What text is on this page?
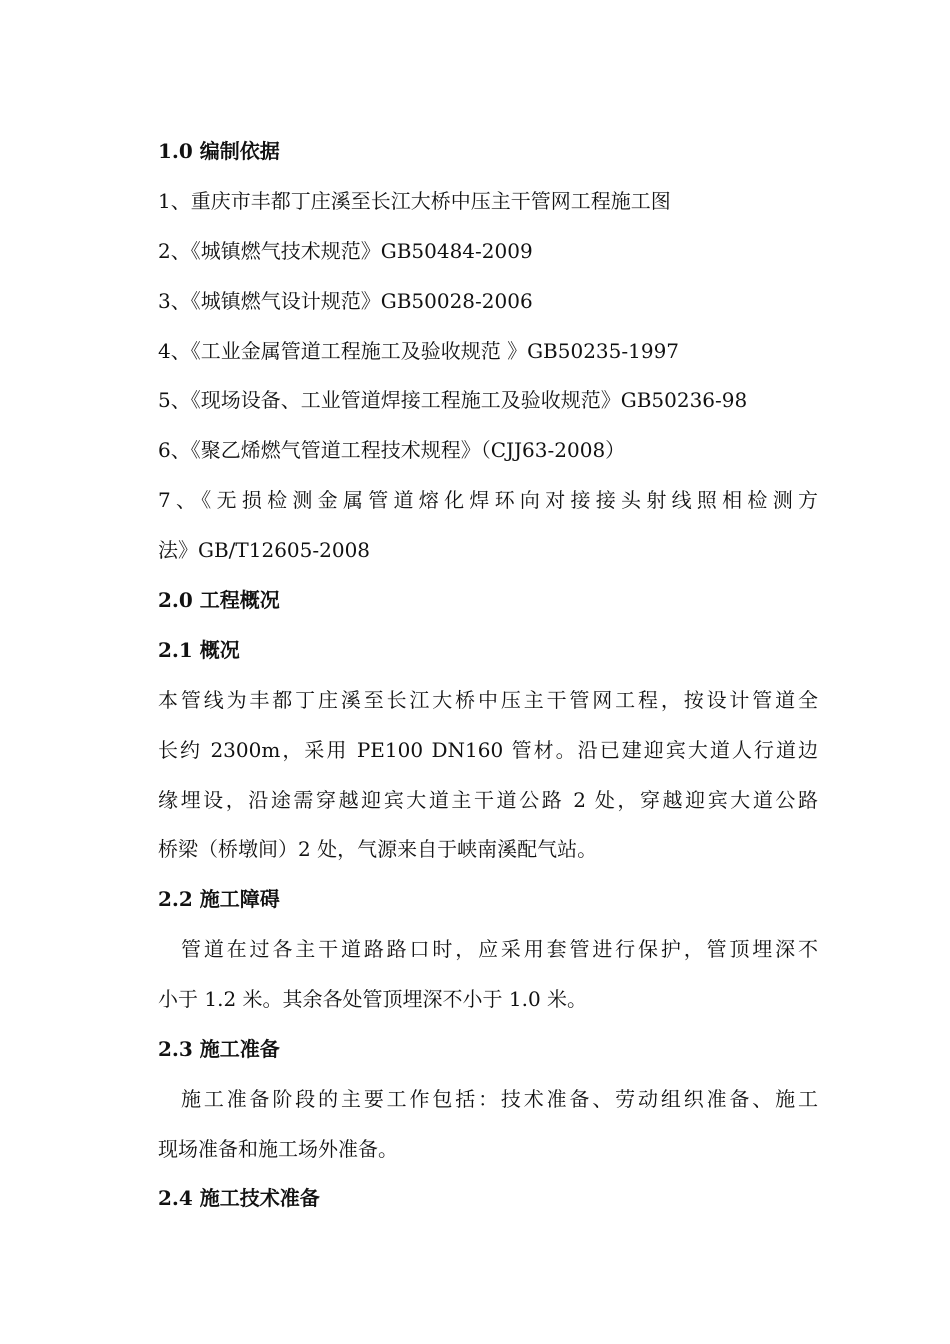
1.0 编制依据
1、重庆市丰都丁庄溪至长江大桥中压主干管网工程施工图
2、《城镇燃气技术规范》GB50484-2009
3、《城镇燃气设计规范》GB50028-2006
4、《工业金属管道工程施工及验收规范 》GB50235-1997
5、《现场设备、工业管道焊接工程施工及验收规范》GB50236-98
6、《聚乙烯燃气管道工程技术规程》（CJJ63-2008）
7、《无损检测金属管道熔化焊环向对接接头射线照相检测方
法》GB/T12605-2008
2.0 工程概况
2.1 概况
本管线为丰都丁庄溪至长江大桥中压主干管网工程，按设计管道全
长约 2300m，采用 PE100 DN160 管材。沿已建迎宾大道人行道边
缘埋设，沿途需穿越迎宾大道主干道公路 2 处，穿越迎宾大道公路
桥梁（桥墩间）2 处，气源来自于峡南溪配气站。
2.2 施工障碍
管道在过各主干道路路口时，应采用套管进行保护，管顶埋深不
小于 1.2 米。其余各处管顶埋深不小于 1.0 米。
2.3 施工准备
施工准备阶段的主要工作包括：技术准备、劳动组织准备、施工
现场准备和施工场外准备。
2.4 施工技术准备
